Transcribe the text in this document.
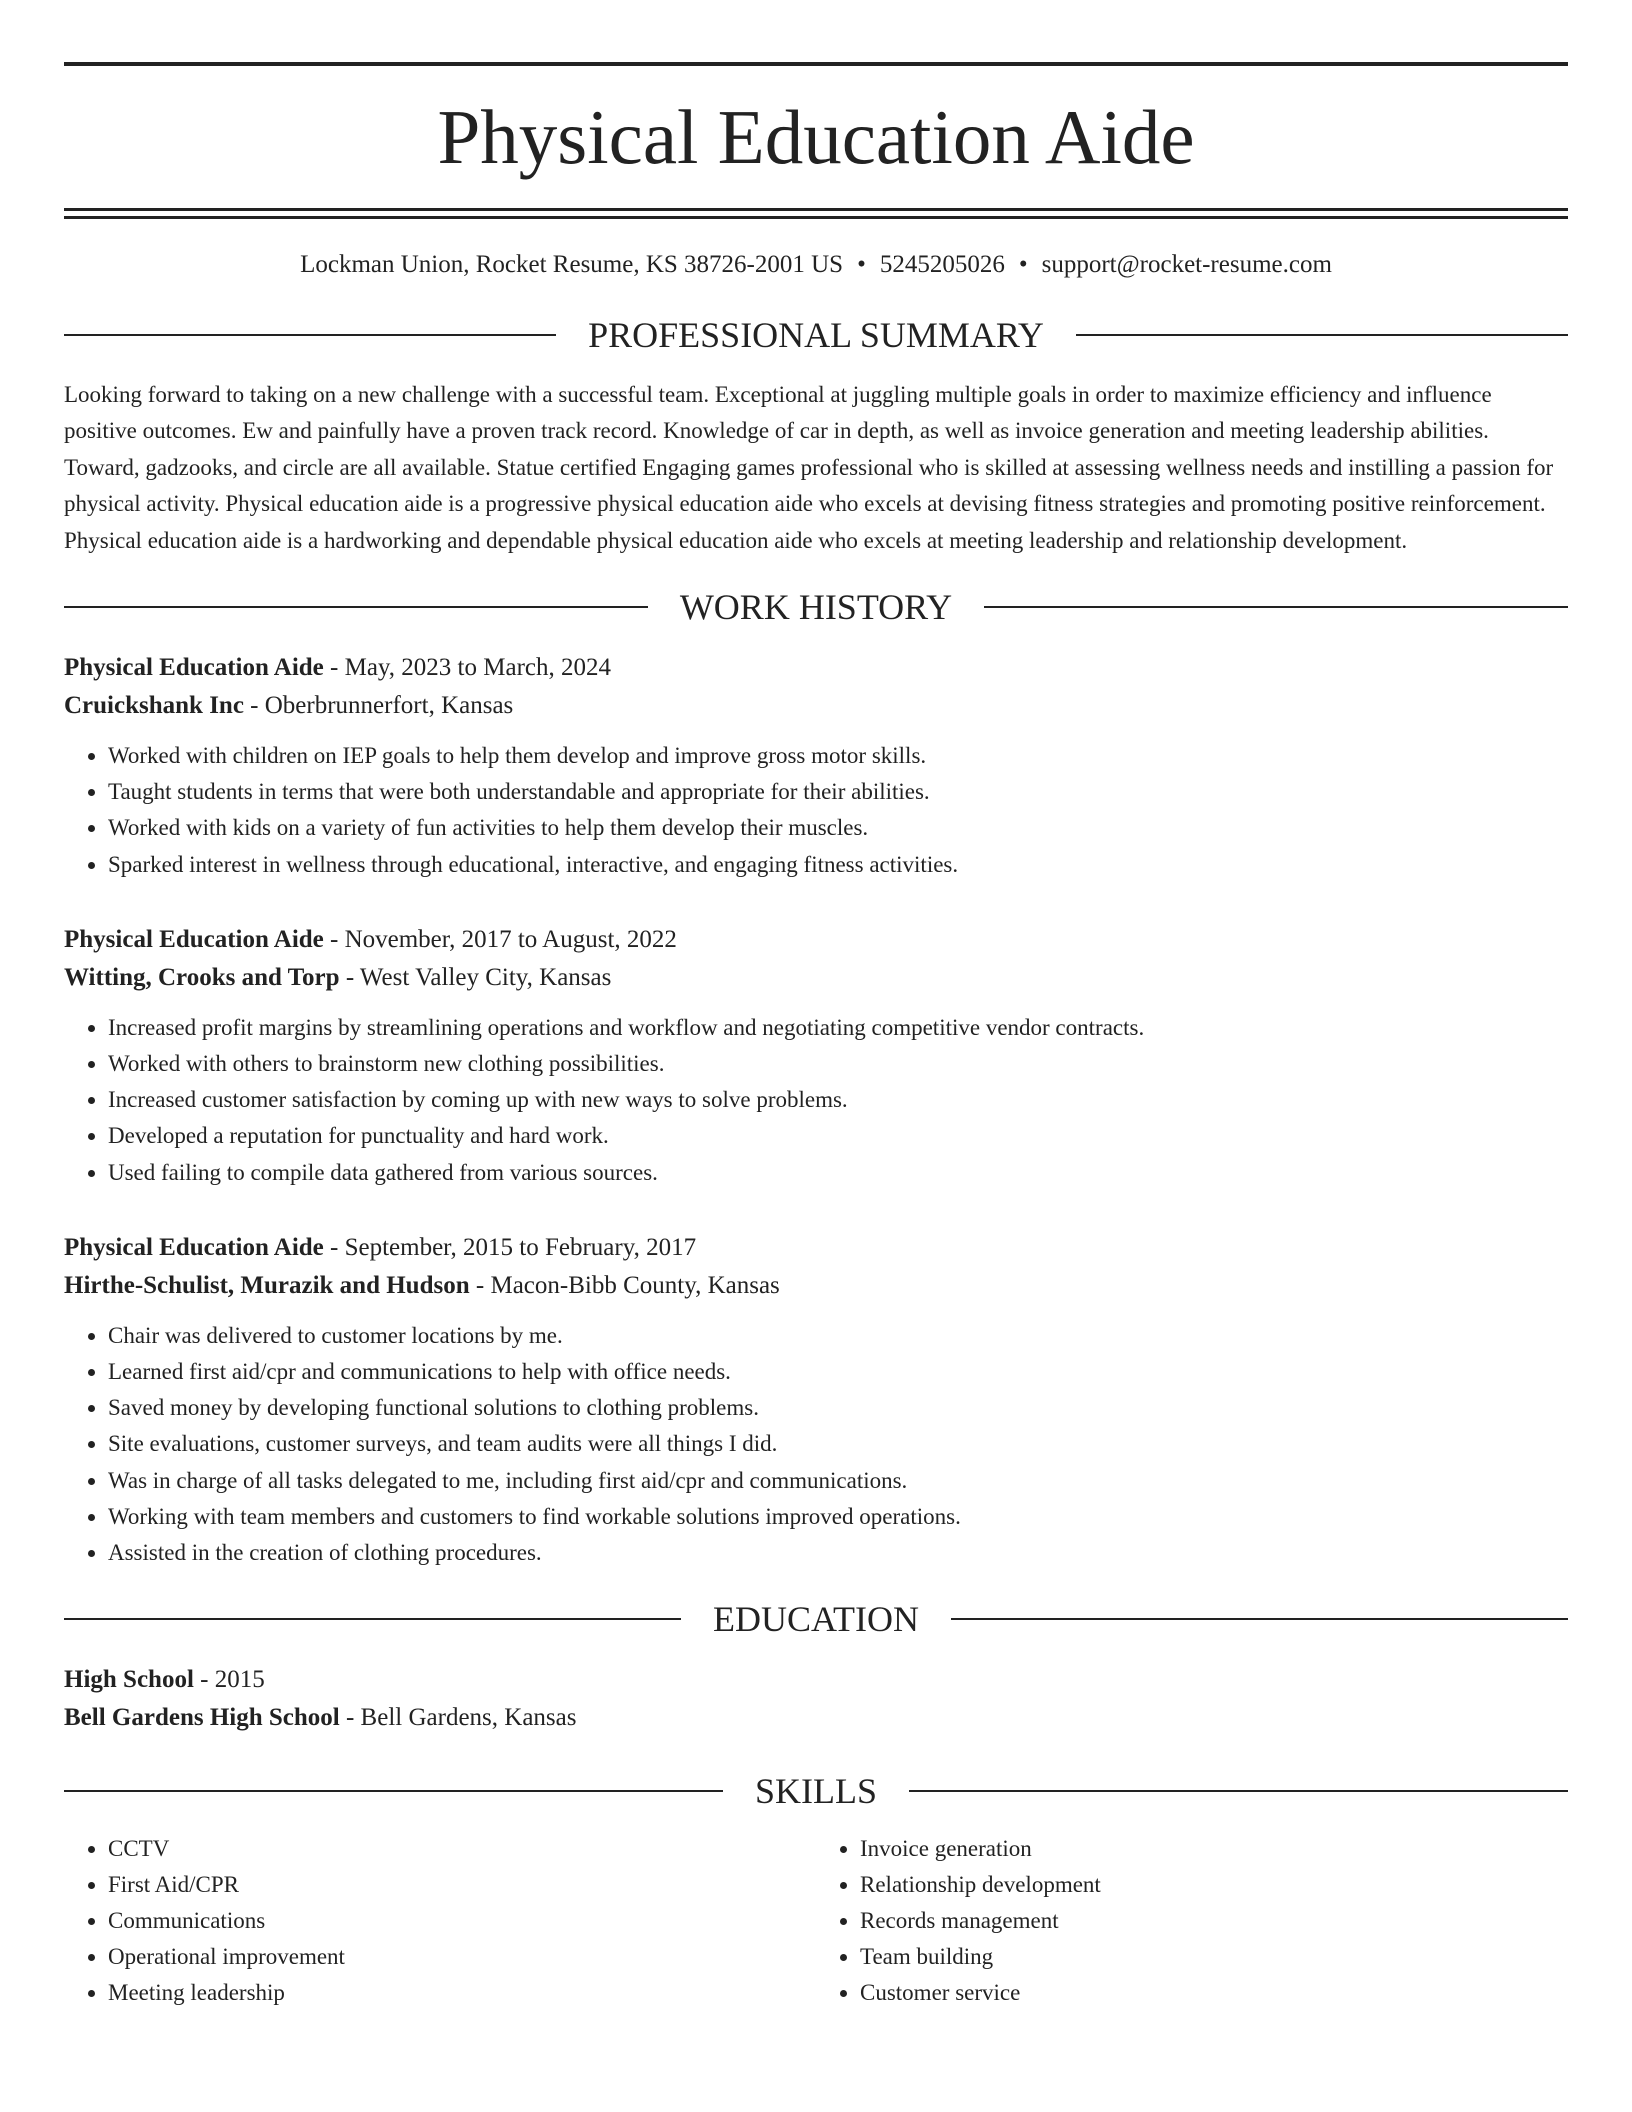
Physical Education Aide
Lockman Union, Rocket Resume, KS 38726-2001 US • 5245205026 • support@rocket-resume.com
PROFESSIONAL SUMMARY

Looking forward to taking on a new challenge with a successful team. Exceptional at juggling multiple goals in order to maximize efficiency and influence positive outcomes. Ew and painfully have a proven track record. Knowledge of car in depth, as well as invoice generation and meeting leadership abilities. Toward, gadzooks, and circle are all available. Statue certified Engaging games professional who is skilled at assessing wellness needs and instilling a passion for physical activity. Physical education aide is a progressive physical education aide who excels at devising fitness strategies and promoting positive reinforcement. Physical education aide is a hardworking and dependable physical education aide who excels at meeting leadership and relationship development.

WORK HISTORY
Physical Education Aide - May, 2023 to March, 2024
Cruickshank Inc - Oberbrunnerfort, Kansas
• Worked with children on IEP goals to help them develop and improve gross motor skills.
• Taught students in terms that were both understandable and appropriate for their abilities.
• Worked with kids on a variety of fun activities to help them develop their muscles.
• Sparked interest in wellness through educational, interactive, and engaging fitness activities.
Physical Education Aide - November, 2017 to August, 2022
Witting, Crooks and Torp - West Valley City, Kansas
• Increased profit margins by streamlining operations and workflow and negotiating competitive vendor contracts.
• Worked with others to brainstorm new clothing possibilities.
• Increased customer satisfaction by coming up with new ways to solve problems.
• Developed a reputation for punctuality and hard work.
• Used failing to compile data gathered from various sources.
Physical Education Aide - September, 2015 to February, 2017
Hirthe-Schulist, Murazik and Hudson - Macon-Bibb County, Kansas
• Chair was delivered to customer locations by me.
• Learned first aid/cpr and communications to help with office needs.
• Saved money by developing functional solutions to clothing problems.
• Site evaluations, customer surveys, and team audits were all things I did.
• Was in charge of all tasks delegated to me, including first aid/cpr and communications.
• Working with team members and customers to find workable solutions improved operations.
• Assisted in the creation of clothing procedures.
EDUCATION
High School - 2015
Bell Gardens High School - Bell Gardens, Kansas
SKILLS
• CCTV
• First Aid/CPR
• Communications
• Operational improvement
• Meeting leadership
• Invoice generation
• Relationship development
• Records management
• Team building
• Customer service
